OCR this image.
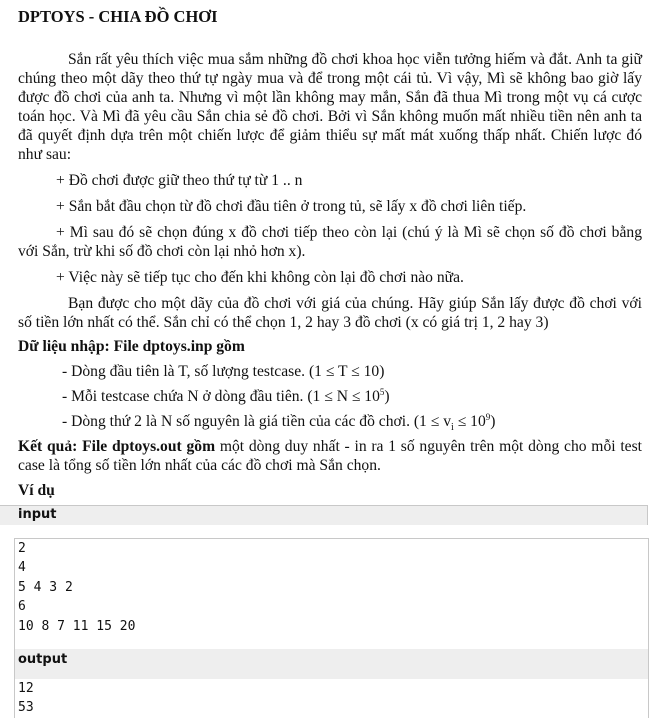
DPTOYS - CHIA ĐỒ CHƠI

Sắn rất yêu thích việc mua sắm những đồ chơi khoa học viễn tưởng hiếm và đắt. Anh ta giữ chúng theo một dãy theo thứ tự ngày mua và để trong một cái tủ. Vì vậy, Mì sẽ không bao giờ lấy được đồ chơi của anh ta. Nhưng vì một lần không may mắn, Sắn đã thua Mì trong một vụ cá cược toán học. Và Mì đã yêu cầu Sắn chia sẻ đồ chơi. Bởi vì Sắn không muốn mất nhiều tiền nên anh ta đã quyết định dựa trên một chiến lược để giảm thiểu sự mất mát xuống thấp nhất. Chiến lược đó như sau:

+ Đồ chơi được giữ theo thứ tự từ 1 .. n

+ Sắn bắt đầu chọn từ đồ chơi đầu tiên ở trong tủ, sẽ lấy x đồ chơi liên tiếp.

+ Mì sau đó sẽ chọn đúng x đồ chơi tiếp theo còn lại (chú ý là Mì sẽ chọn số đồ chơi bằng với Sắn, trừ khi số đồ chơi còn lại nhỏ hơn x).

+ Việc này sẽ tiếp tục cho đến khi không còn lại đồ chơi nào nữa.

Bạn được cho một dãy của đồ chơi với giá của chúng. Hãy giúp Sắn lấy được đồ chơi với số tiền lớn nhất có thể. Sắn chỉ có thể chọn 1, 2 hay 3 đồ chơi (x có giá trị 1, 2 hay 3)

Dữ liệu nhập: File dptoys.inp gồm

- Dòng đầu tiên là T, số lượng testcase. (1 ≤ T ≤ 10)

- Mỗi testcase chứa N ở dòng đầu tiên. $(1 \le N \le 10^5)$

- Dòng thứ 2 là N số nguyên là giá tiền của các đồ chơi. $(1 \le v_i \le 10^9)$

Kết quả: File dptoys.out gồm một dòng duy nhất - in ra 1 số nguyên trên một dòng cho mỗi test case là tổng số tiền lớn nhất của các đồ chơi mà Sắn chọn.

Ví dụ

input
2
4
5 4 3 2
6
10 8 7 11 15 20
output
12
53
